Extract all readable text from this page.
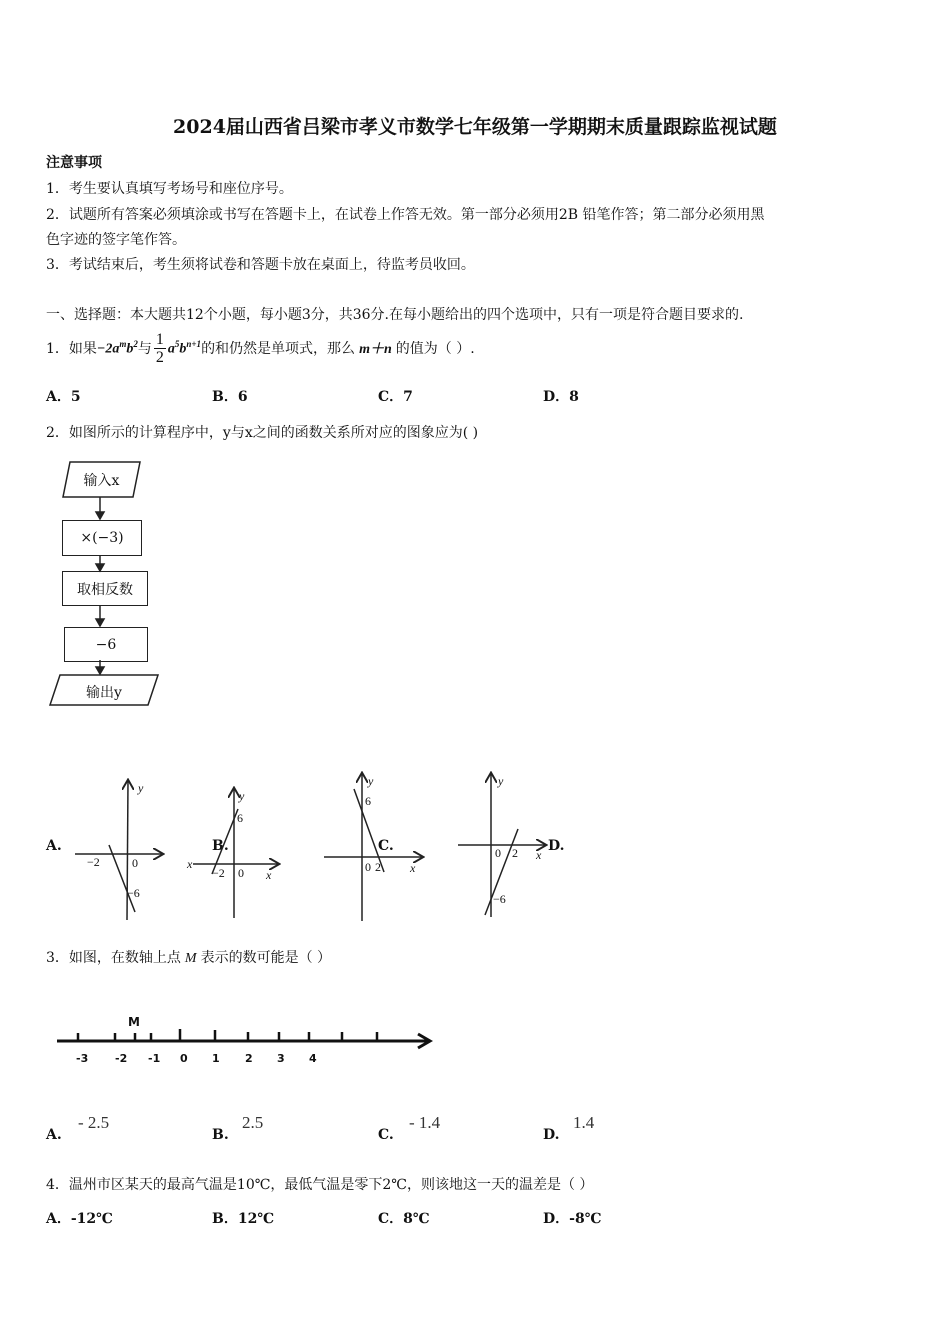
2024届山西省吕梁市孝义市数学七年级第一学期期末质量跟踪监视试题
注意事项
1．考生要认真填写考场号和座位序号。
2．试题所有答案必须填涂或书写在答题卡上，在试卷上作答无效。第一部分必须用2B 铅笔作答；第二部分必须用黑
色字迹的签字笔作答。
3．考试结束后，考生须将试卷和答题卡放在桌面上，待监考员收回。
一、选择题：本大题共12个小题，每小题3分，共36分.在每小题给出的四个选项中，只有一项是符合题目要求的.
1．如果 $-2a^mb^2$ 与 $\frac{1}{2} a^5b^{n+1}$ 的和仍然是单项式，那么 m＋n 的值为（ ）.
A．5	B．6	C．7	D．8
2．如图所示的计算程序中，y与x之间的函数关系所对应的图象应为( )
输入x
×(−3)
取相反数
−6
输出y
A.	B.	C.	D.
y
x
0
−2
−6
y
x
0
−2
6
y
x
0 2
6
y
x
0 2
−6
3．如图，在数轴上点 M 表示的数可能是（ ）
M
-3 -2 -1 0 1 2 3 4
A.
- 2.5
B.
2.5
C.
- 1.4
D.
1.4
4．温州市区某天的最高气温是10℃，最低气温是零下2℃，则该地这一天的温差是（ ）
A．-12℃	B．12℃	C．8℃	D．-8℃
